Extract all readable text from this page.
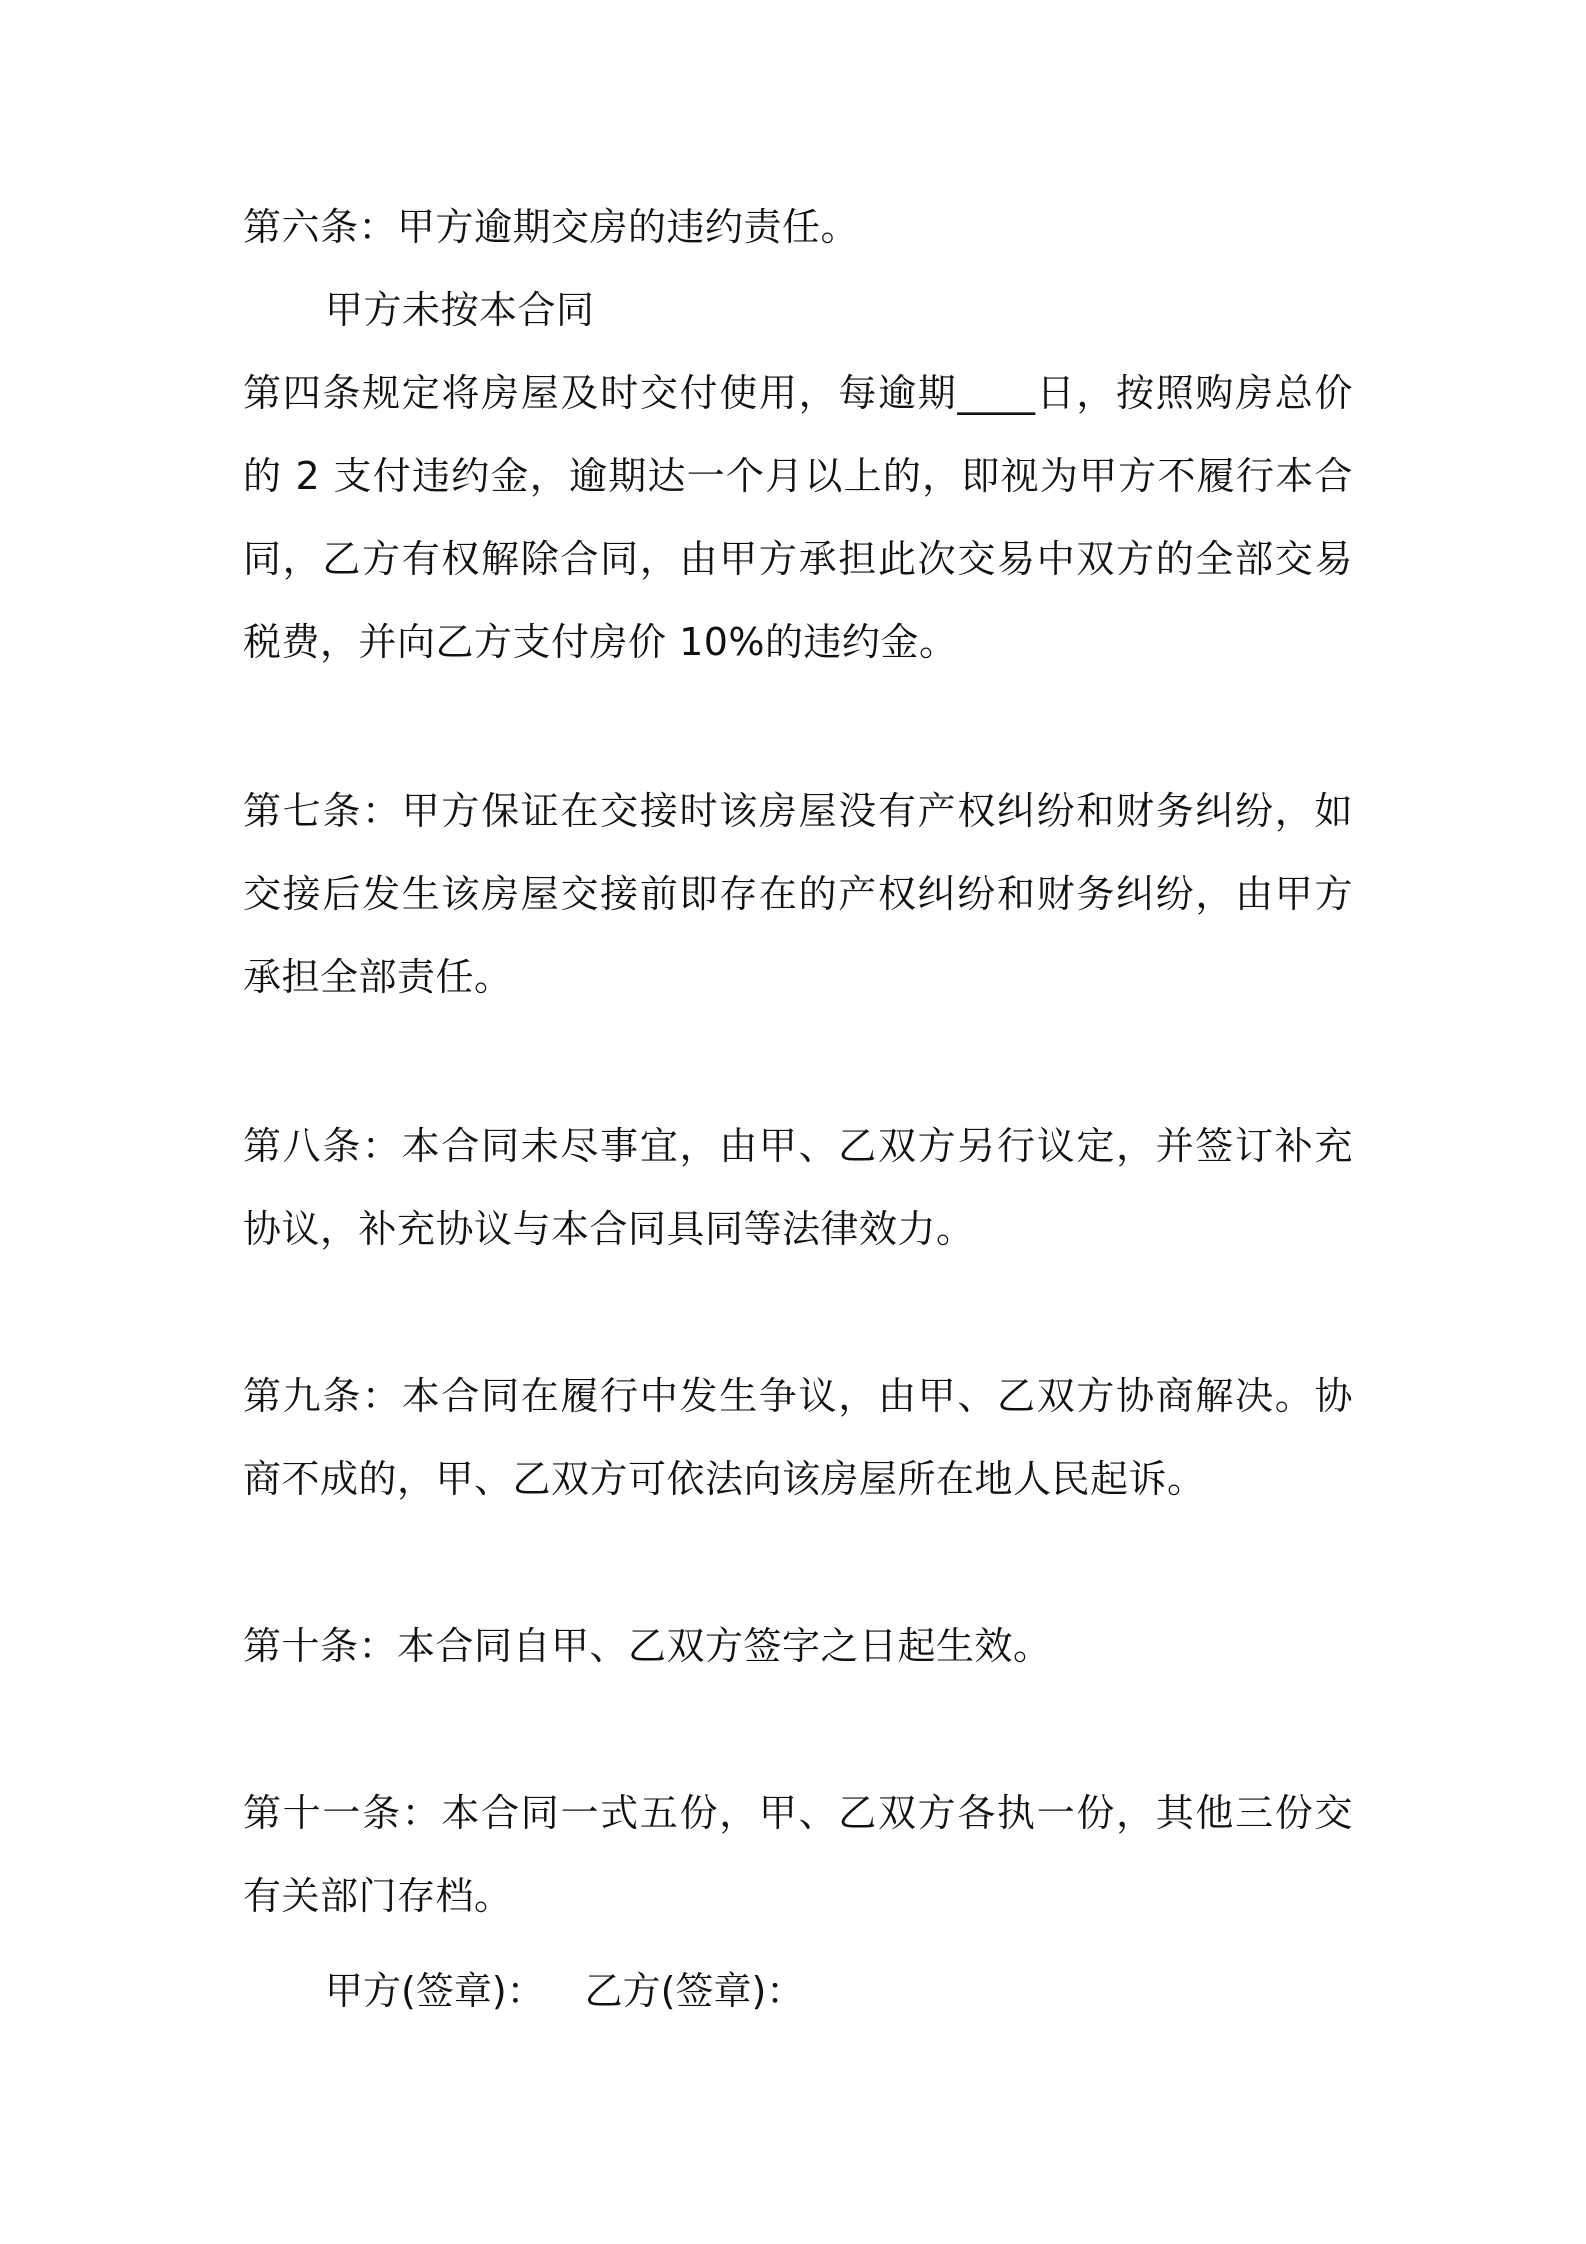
第六条：甲方逾期交房的违约责任。

甲方未按本合同

第四条规定将房屋及时交付使用，每逾期____日，按照购房总价的 2 支付违约金，逾期达一个月以上的，即视为甲方不履行本合同，乙方有权解除合同，由甲方承担此次交易中双方的全部交易税费，并向乙方支付房价 10%的违约金。

第七条：甲方保证在交接时该房屋没有产权纠纷和财务纠纷，如交接后发生该房屋交接前即存在的产权纠纷和财务纠纷，由甲方承担全部责任。

第八条：本合同未尽事宜，由甲、乙双方另行议定，并签订补充协议，补充协议与本合同具同等法律效力。

第九条：本合同在履行中发生争议，由甲、乙双方协商解决。协商不成的，甲、乙双方可依法向该房屋所在地人民起诉。

第十条：本合同自甲、乙双方签字之日起生效。

第十一条：本合同一式五份，甲、乙双方各执一份，其他三份交有关部门存档。

甲方(签章)： 乙方(签章)：
